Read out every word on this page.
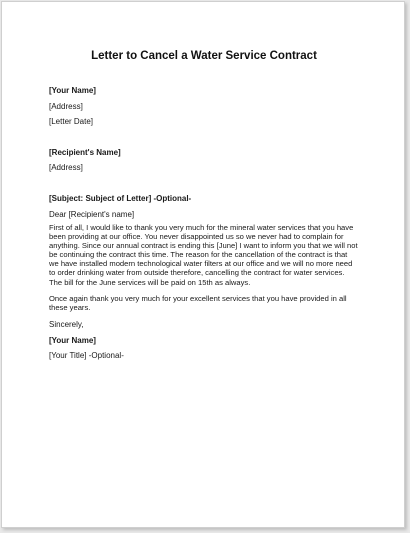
Letter to Cancel a Water Service Contract
[Your Name]
[Address]
[Letter Date]
[Recipient's Name]
[Address]
[Subject: Subject of Letter] -Optional-
Dear [Recipient's name]
First of all, I would like to thank you very much for the mineral water services that you have
been providing at our office. You never disappointed us so we never had to complain for
anything. Since our annual contract is ending this [June] I want to inform you that we will not
be continuing the contract this time. The reason for the cancellation of the contract is that
we have installed modern technological water filters at our office and we will no more need
to order drinking water from outside therefore, cancelling the contract for water services.
The bill for the June services will be paid on 15th as always.
Once again thank you very much for your excellent services that you have provided in all
these years.
Sincerely,
[Your Name]
[Your Title] -Optional-
